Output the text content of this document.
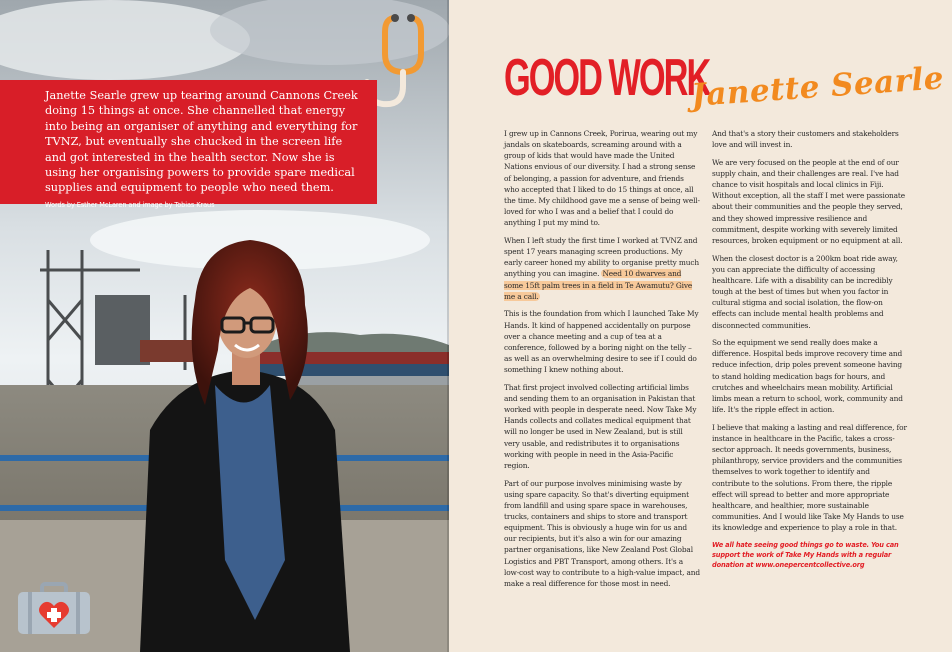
Janette Searle grew up tearing around Cannons Creek doing 15 things at once. She channelled that energy into being an organiser of anything and everything for TVNZ, but eventually she chucked in the screen life and got interested in the health sector. Now she is using her organising powers to provide spare medical supplies and equipment to people who need them.

Words by Esther McLaren and image by Tobias Kraus

GOOD WORK
Janette Searle

I grew up in Cannons Creek, Porirua, wearing out my jandals on skateboards, screaming around with a group of kids that would have made the United Nations envious of our diversity. I had a strong sense of belonging, a passion for adventure, and friends who accepted that I liked to do 15 things at once, all the time. My childhood gave me a sense of being well-loved for who I was and a belief that I could do anything I put my mind to.

When I left study the first time I worked at TVNZ and spent 17 years managing screen productions. My early career honed my ability to organise pretty much anything you can imagine. Need 10 dwarves and some 15ft palm trees in a field in Te Awamutu? Give me a call.

This is the foundation from which I launched Take My Hands. It kind of happened accidentally on purpose over a chance meeting and a cup of tea at a conference, followed by a boring night on the telly – as well as an overwhelming desire to see if I could do something I knew nothing about.

That first project involved collecting artificial limbs and sending them to an organisation in Pakistan that worked with people in desperate need. Now Take My Hands collects and collates medical equipment that will no longer be used in New Zealand, but is still very usable, and redistributes it to organisations working with people in need in the Asia-Pacific region.

Part of our purpose involves minimising waste by using spare capacity. So that's diverting equipment from landfill and using spare space in warehouses, trucks, containers and ships to store and transport equipment. This is obviously a huge win for us and our recipients, but it's also a win for our amazing partner organisations, like New Zealand Post Global Logistics and PBT Transport, among others. It's a low-cost way to contribute to a high-value impact, and make a real difference for those most in need.

And that's a story their customers and stakeholders love and will invest in.

We are very focused on the people at the end of our supply chain, and their challenges are real. I've had chance to visit hospitals and local clinics in Fiji. Without exception, all the staff I met were passionate about their communities and the people they served, and they showed impressive resilience and commitment, despite working with severely limited resources, broken equipment or no equipment at all.

When the closest doctor is a 200km boat ride away, you can appreciate the difficulty of accessing healthcare. Life with a disability can be incredibly tough at the best of times but when you factor in cultural stigma and social isolation, the flow-on effects can include mental health problems and disconnected communities.

So the equipment we send really does make a difference. Hospital beds improve recovery time and reduce infection, drip poles prevent someone having to stand holding medication bags for hours, and crutches and wheelchairs mean mobility. Artificial limbs mean a return to school, work, community and life. It's the ripple effect in action.

I believe that making a lasting and real difference, for instance in healthcare in the Pacific, takes a cross-sector approach. It needs governments, business, philanthropy, service providers and the communities themselves to work together to identify and contribute to the solutions. From there, the ripple effect will spread to better and more appropriate healthcare, and healthier, more sustainable communities. And I would like Take My Hands to use its knowledge and experience to play a role in that.

We all hate seeing good things go to waste. You can support the work of Take My Hands with a regular donation at www.onepercentcollective.org
